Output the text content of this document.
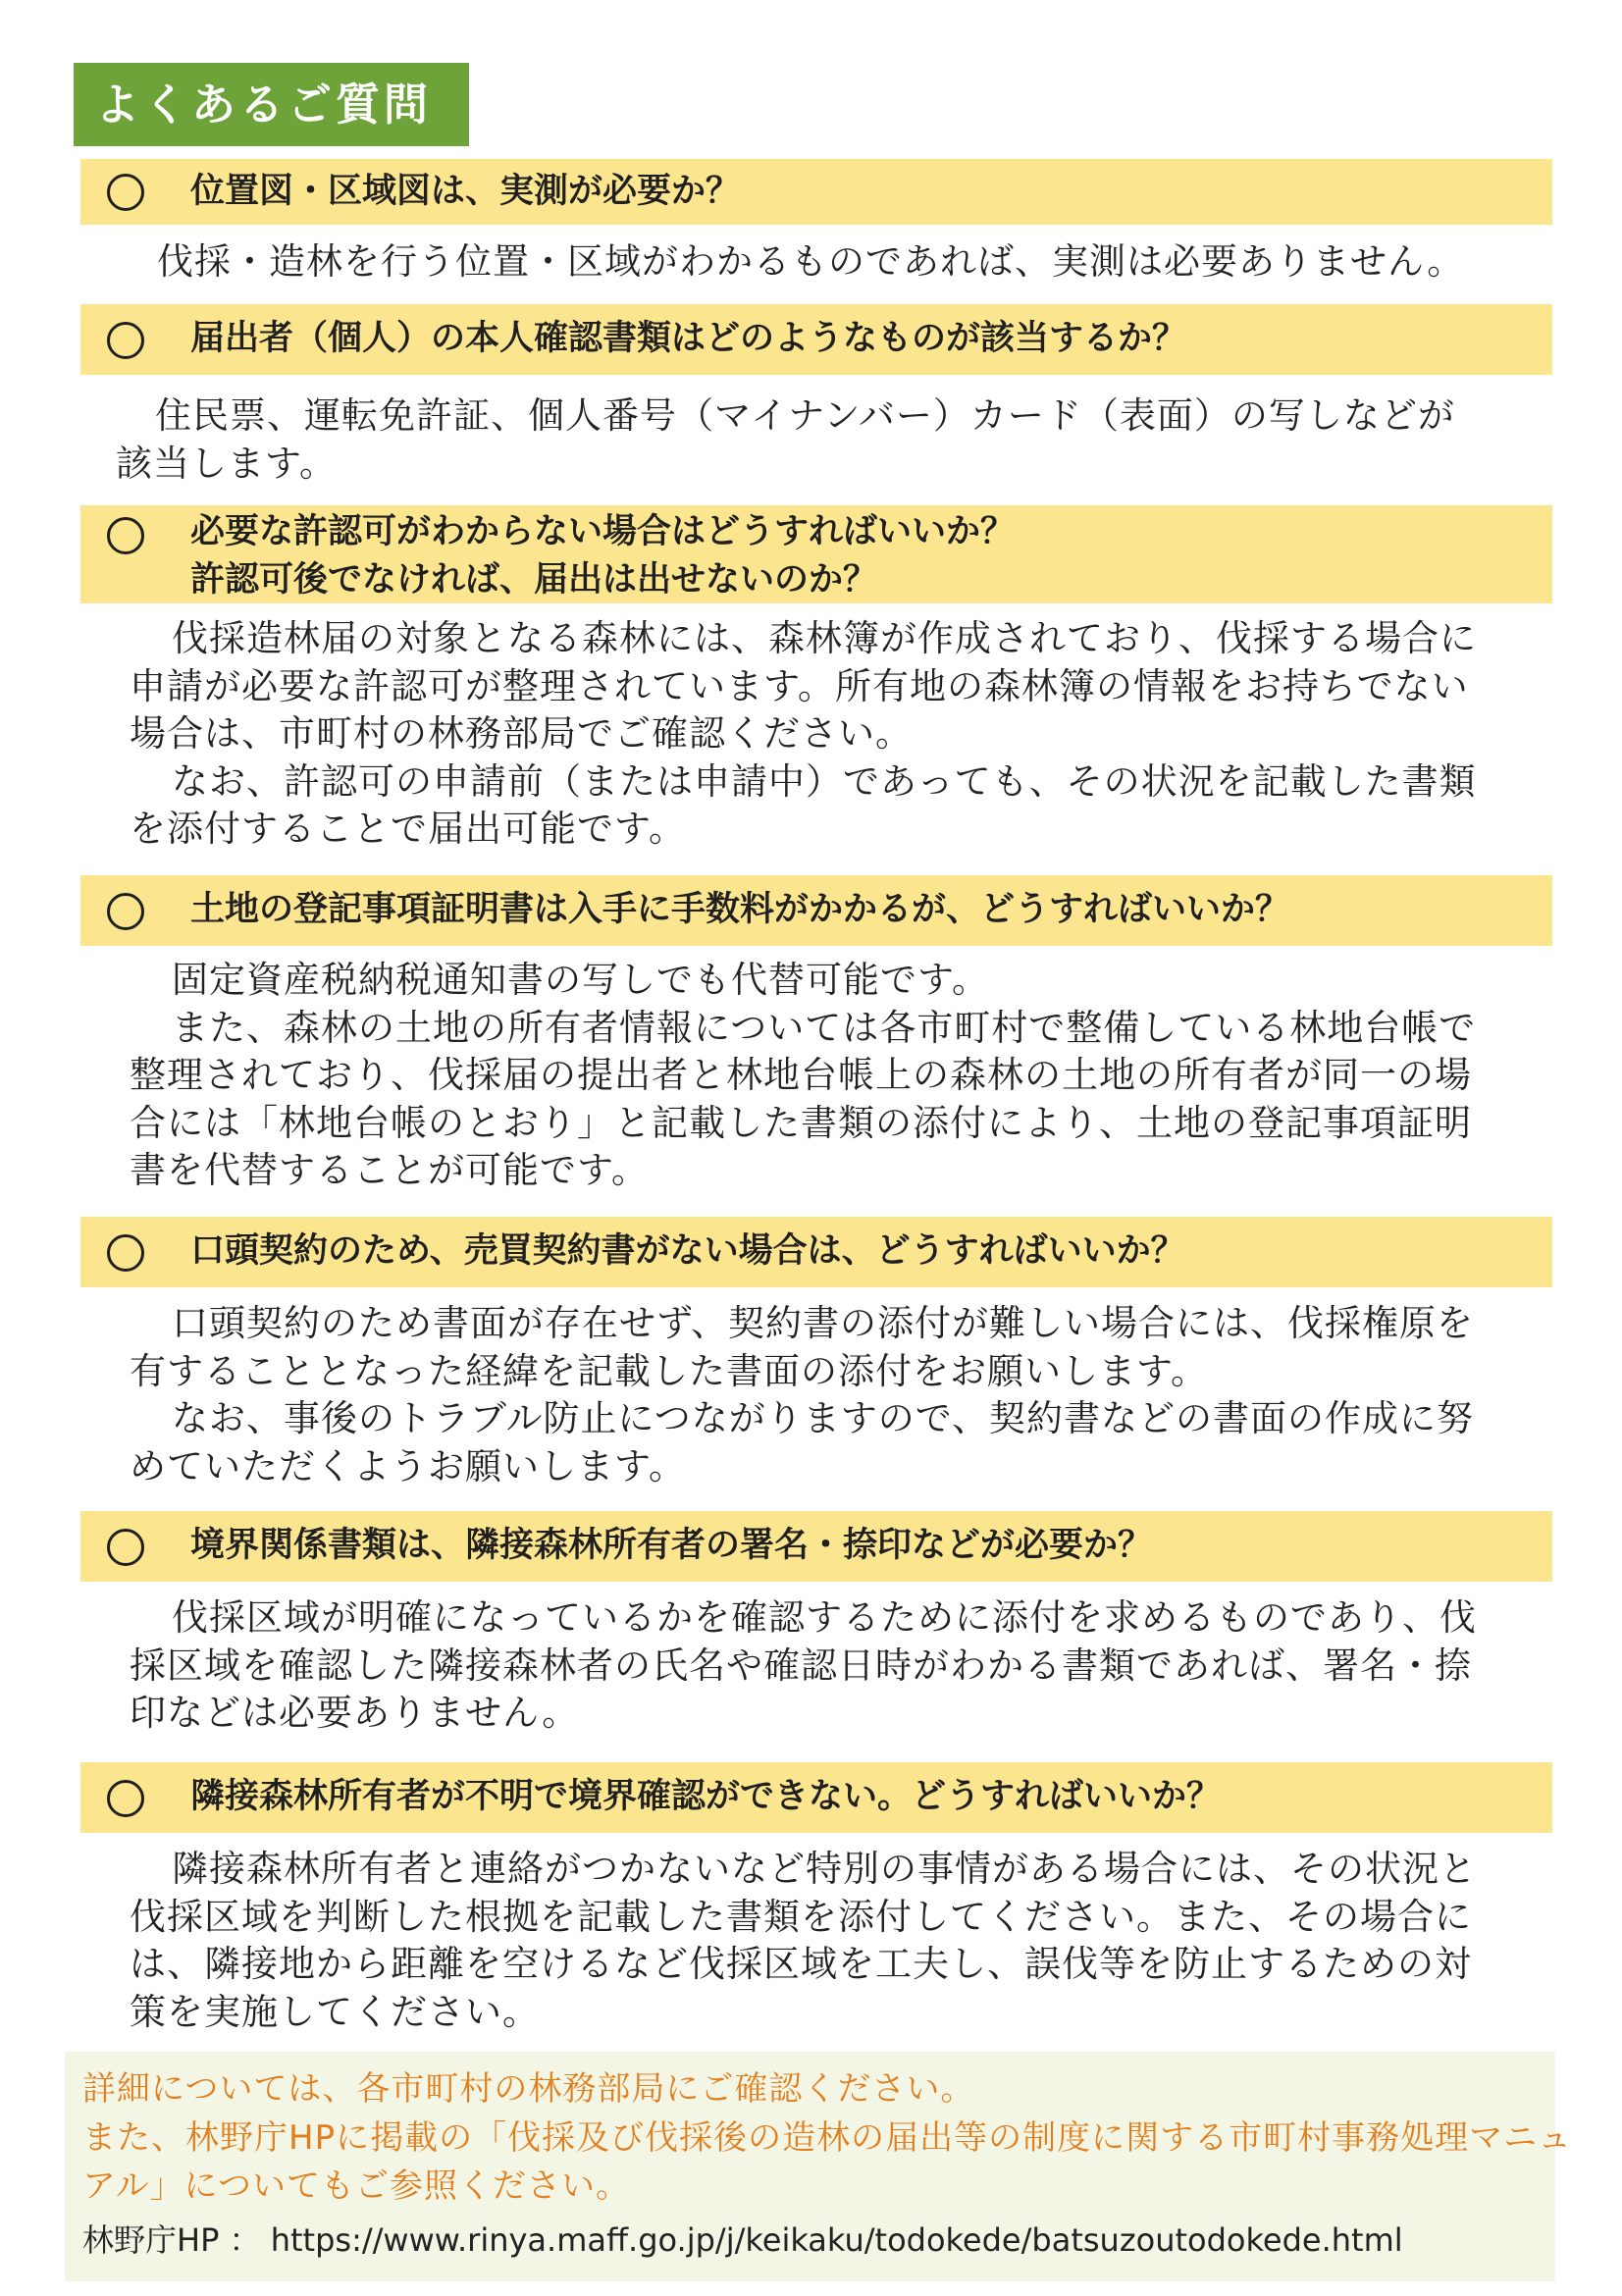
よくあるご質問
位置図・区域図は、実測が必要か？

伐採・造林を行う位置・区域がわかるものであれば、実測は必要ありません。

届出者（個人）の本人確認書類はどのようなものが該当するか？

住民票、運転免許証、個人番号（マイナンバー）カード（表面）の写しなどが

該当します。

必要な許認可がわからない場合はどうすればいいか？
許認可後でなければ、届出は出せないのか？

伐採造林届の対象となる森林には、森林簿が作成されており、伐採する場合に

申請が必要な許認可が整理されています。所有地の森林簿の情報をお持ちでない

場合は、市町村の林務部局でご確認ください。

なお、許認可の申請前（または申請中）であっても、その状況を記載した書類

を添付することで届出可能です。

土地の登記事項証明書は入手に手数料がかかるが、どうすればいいか？

固定資産税納税通知書の写しでも代替可能です。

また、森林の土地の所有者情報については各市町村で整備している林地台帳で

整理されており、伐採届の提出者と林地台帳上の森林の土地の所有者が同一の場

合には「林地台帳のとおり」と記載した書類の添付により、土地の登記事項証明

書を代替することが可能です。

口頭契約のため、売買契約書がない場合は、どうすればいいか？

口頭契約のため書面が存在せず、契約書の添付が難しい場合には、伐採権原を

有することとなった経緯を記載した書面の添付をお願いします。

なお、事後のトラブル防止につながりますので、契約書などの書面の作成に努

めていただくようお願いします。

境界関係書類は、隣接森林所有者の署名・捺印などが必要か？

伐採区域が明確になっているかを確認するために添付を求めるものであり、伐

採区域を確認した隣接森林者の氏名や確認日時がわかる書類であれば、署名・捺

印などは必要ありません。

隣接森林所有者が不明で境界確認ができない。どうすればいいか？

隣接森林所有者と連絡がつかないなど特別の事情がある場合には、その状況と

伐採区域を判断した根拠を記載した書類を添付してください。また、その場合に

は、隣接地から距離を空けるなど伐採区域を工夫し、誤伐等を防止するための対

策を実施してください。

詳細については、各市町村の林務部局にご確認ください。
また、林野庁HPに掲載の「伐採及び伐採後の造林の届出等の制度に関する市町村事務処理マニュ
アル」についてもご参照ください。
林野庁HP ： https://www.rinya.maff.go.jp/j/keikaku/todokede/batsuzoutodokede.html
